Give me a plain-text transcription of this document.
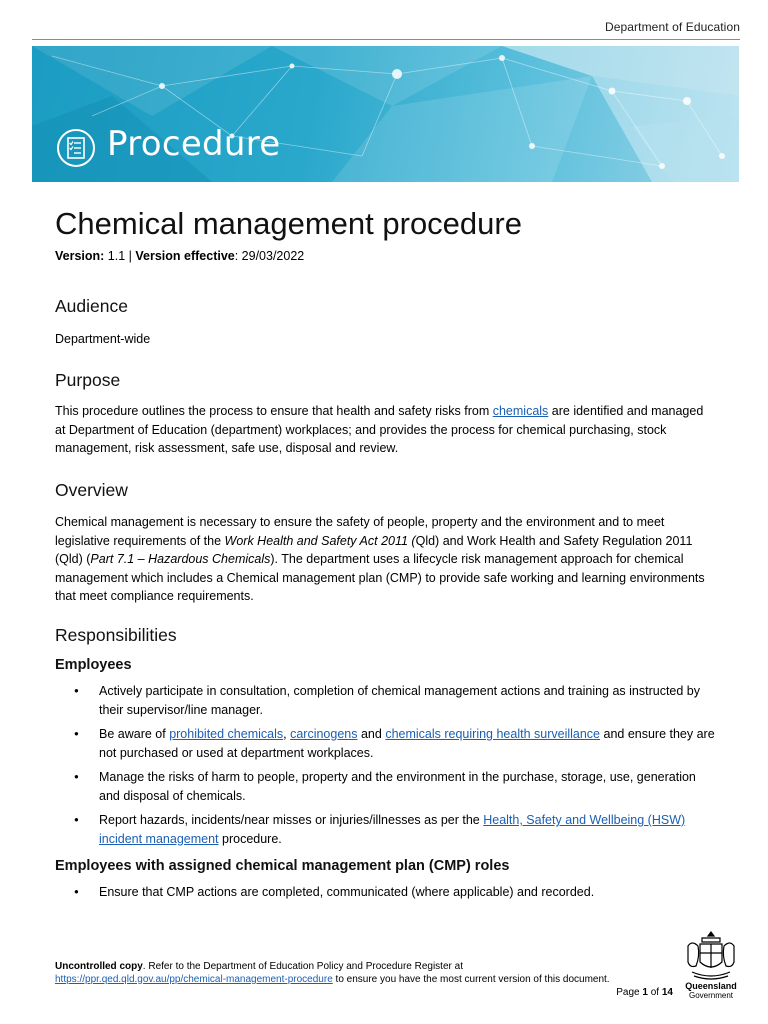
Department of Education
Procedure
Chemical management procedure
Version: 1.1 | Version effective: 29/03/2022
Audience

Department-wide

Purpose

This procedure outlines the process to ensure that health and safety risks from chemicals are identified and managed at Department of Education (department) workplaces; and provides the process for chemical purchasing, stock management, risk assessment, safe use, disposal and review.

Overview

Chemical management is necessary to ensure the safety of people, property and the environment and to meet legislative requirements of the Work Health and Safety Act 2011 (Qld) and Work Health and Safety Regulation 2011 (Qld) (Part 7.1 – Hazardous Chemicals). The department uses a lifecycle risk management approach for chemical management which includes a Chemical management plan (CMP) to provide safe working and learning environments that meet compliance requirements.

Responsibilities
Employees
● Actively participate in consultation, completion of chemical management actions and training as instructed by their supervisor/line manager.
● Be aware of prohibited chemicals, carcinogens and chemicals requiring health surveillance and ensure they are not purchased or used at department workplaces.
● Manage the risks of harm to people, property and the environment in the purchase, storage, use, generation and disposal of chemicals.
● Report hazards, incidents/near misses or injuries/illnesses as per the Health, Safety and Wellbeing (HSW) incident management procedure.
Employees with assigned chemical management plan (CMP) roles
● Ensure that CMP actions are completed, communicated (where applicable) and recorded.
Uncontrolled copy. Refer to the Department of Education Policy and Procedure Register at
https://ppr.qed.qld.gov.au/pp/chemical-management-procedure to ensure you have the most current version of this document.
Page 1 of 14
Queensland
Government
